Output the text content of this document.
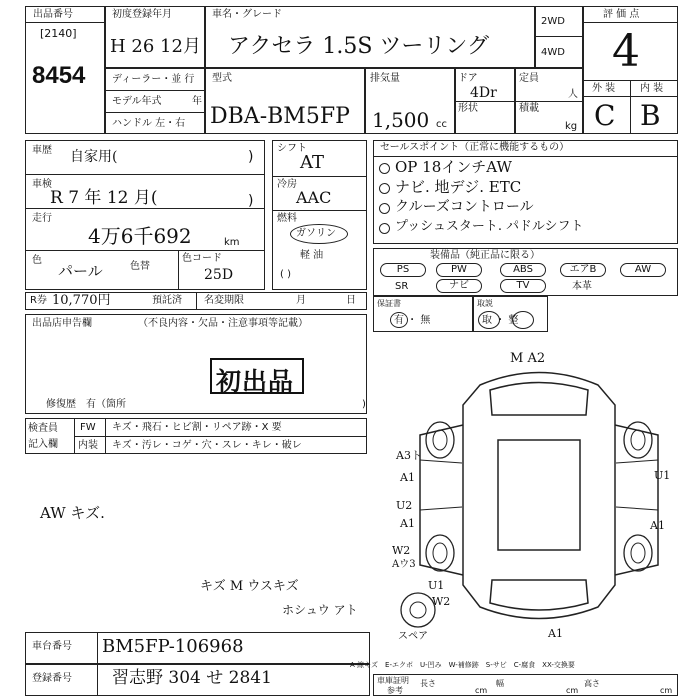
出品番号
[2140]
8454
初度登録年月
H 26 12月
車名・グレード
アクセラ 1.5S ツーリング
2WD
4WD
評 価 点
4
外 装 内 装
C B
ディーラー・並 行
モデル年式	年
ハンドル 左・右
型式
DBA-BM5FP
排気量
1,500 cc
ドア
4Dr
形状
定員
人
積載
kg
車歴 自家用(	)
車検
R 7 年 12 月(	)
走行
4万6千692	km
色
パール	色替
色コード
25D
シフト
AT
冷房
AAC
燃料
ガソリン
軽 油
( )
セールスポイント（正常に機能するもの）
OP 18インチAW
ナビ. 地デジ. ETC
クルーズコントロール
プッシュスタート. パドルシフト
装備品（純正品に限る）
PS	PW	ABS	エアB	AW
SR	ナビ	TV	本革
R券 10,770円	預託済 名変期限	月	日	保証書
有 ・ 無
取説
取 ・ 整
出品店申告欄	（不良内容・欠品・注意事項等記載）
初出品
修復歴　有（箇所	)
検査員
記入欄
FW キズ・飛石・ヒビ割・リペア跡・X 要
内装 キズ・汚レ・コゲ・穴・スレ・キレ・破レ
AW キズ.
キズ M ウスキズ
ホシュウ アト
M A2
A3ト
A1
U2
A1
W2
Aウ3
U1
A1
U1
W2
A1
スペア
車台番号 BM5FP-106968
登録番号 習志野 304 せ 2841
A-線キズ　E-エクボ　U-凹み　W-補修跡　S-サビ　C-腐食　XX-交換要
車庫証明
参考
長さ
cm
幅
cm
高さ
cm
